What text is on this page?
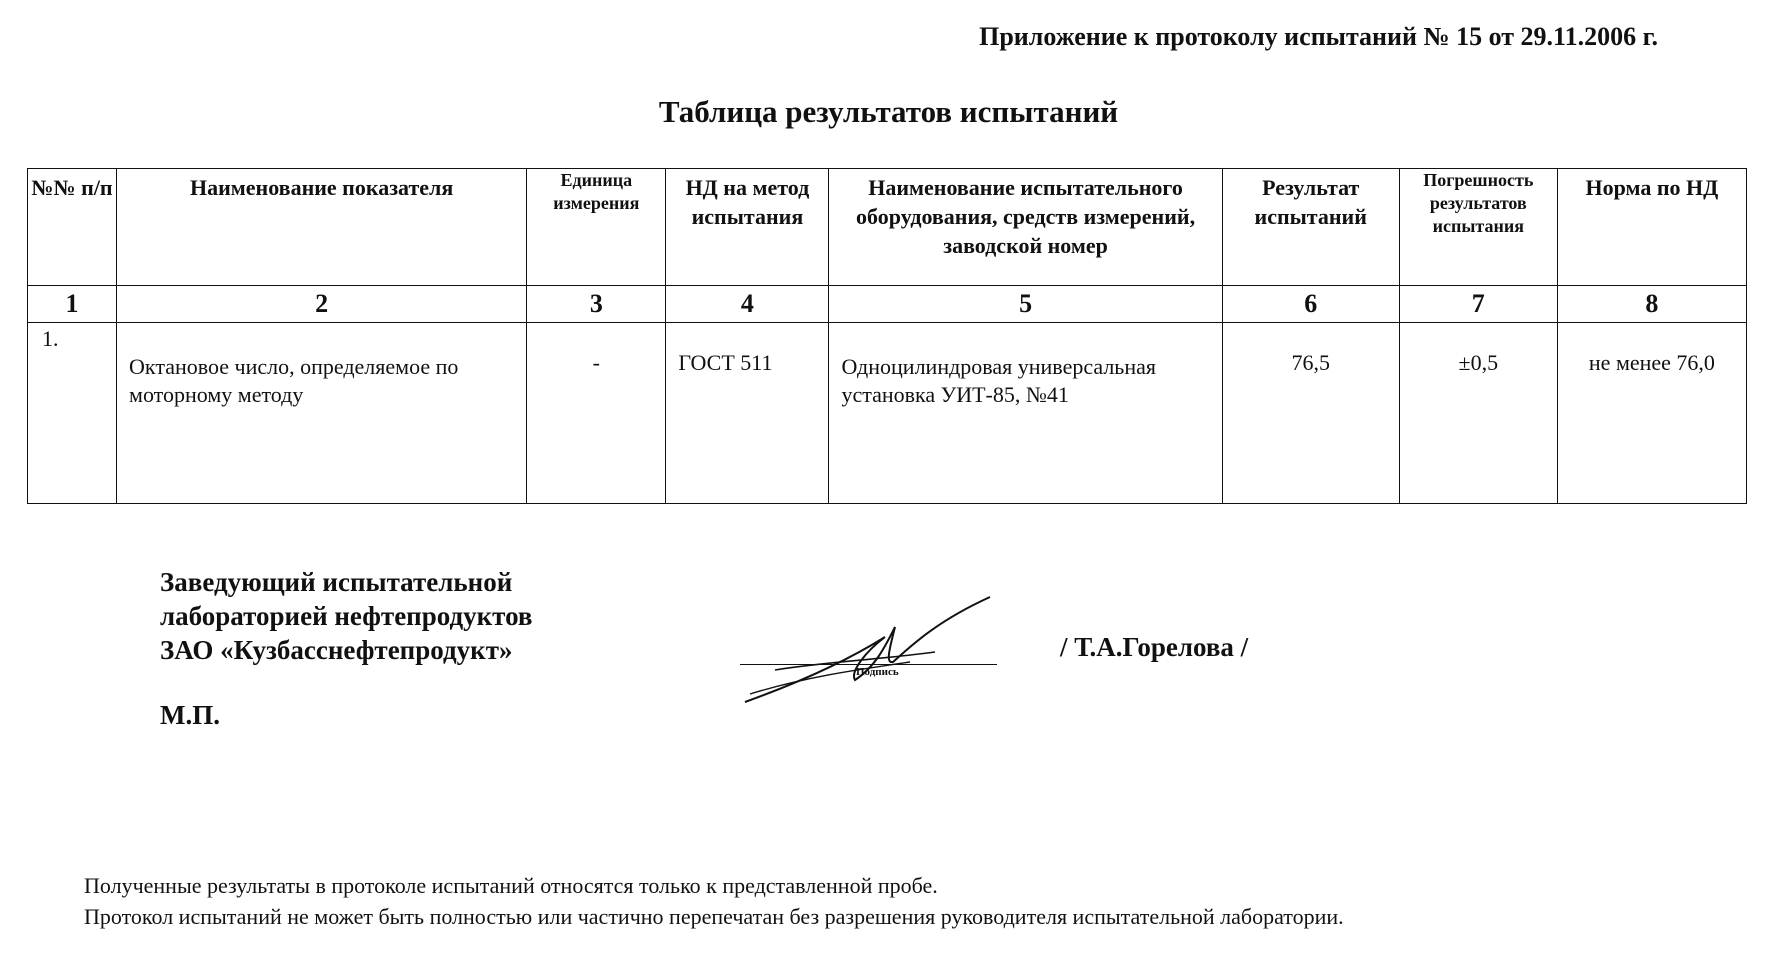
Приложение к протоколу испытаний № 15 от 29.11.2006 г.
Таблица результатов испытаний
№№ п/п	Наименование показателя	Единица измерения	НД на метод испытания	Наименование испытательного оборудования, средств измерений, заводской номер	Результат испытаний	Погрешность результатов испытания	Норма по НД
1	2	3	4	5	6	7	8
1.	Октановое число, определяемое по моторному методу	-	ГОСТ 511	Одноцилиндровая универсальная установка УИТ-85, №41	76,5	±0,5	не менее 76,0
Заведующий испытательной
лабораторией нефтепродуктов
ЗАО «Кузбасснефтепродукт»
М.П.
Подпись
/ Т.А.Горелова /
Полученные результаты в протоколе испытаний относятся только к представленной пробе.
Протокол испытаний не может быть полностью или частично перепечатан без разрешения руководителя испытательной лаборатории.
